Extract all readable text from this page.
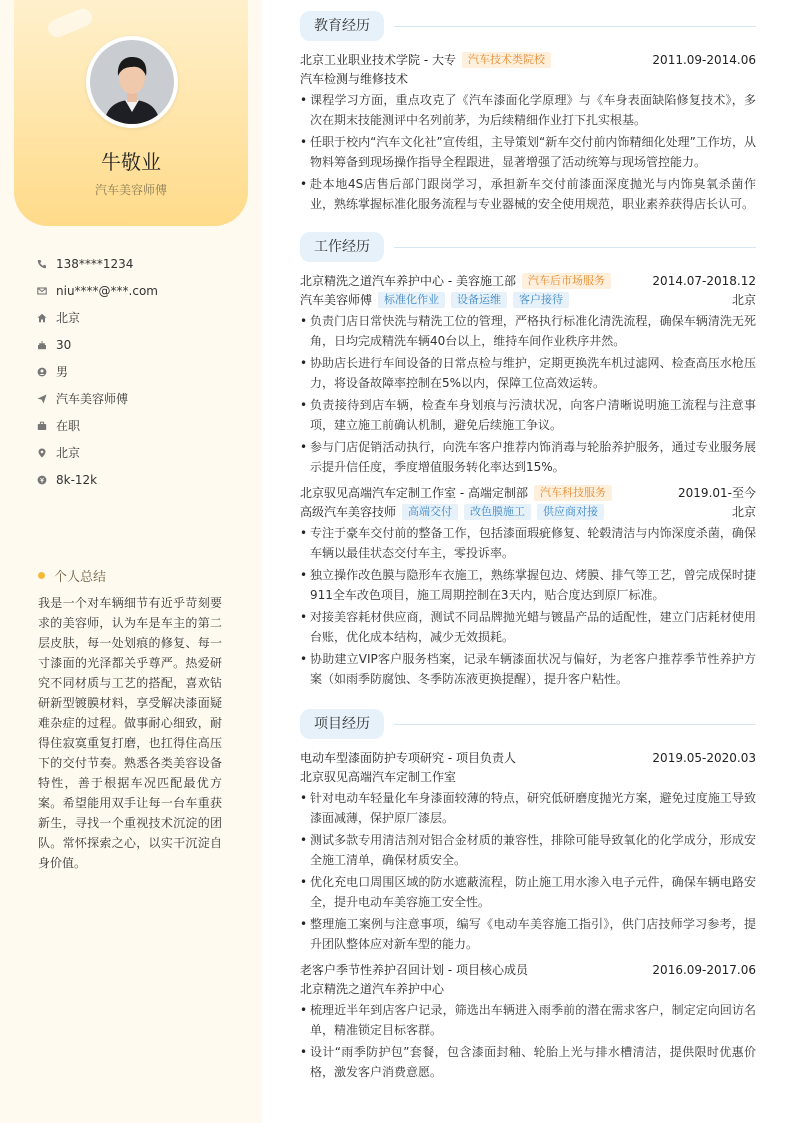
牛敬业
汽车美容师傅
138****1234
niu****@***.com
北京
30
男
汽车美容师傅
在职
北京
8k-12k
个人总结
我是一个对车辆细节有近乎苛刻要求的美容师，认为车是车主的第二层皮肤，每一处划痕的修复、每一寸漆面的光泽都关乎尊严。热爱研究不同材质与工艺的搭配，喜欢钻研新型镀膜材料，享受解决漆面疑难杂症的过程。做事耐心细致，耐得住寂寞重复打磨，也扛得住高压下的交付节奏。熟悉各类美容设备特性，善于根据车况匹配最优方案。希望能用双手让每一台车重获新生，寻找一个重视技术沉淀的团队。常怀探索之心，以实干沉淀自身价值。
教育经历
北京工业职业技术学院 - 大专	汽车技术类院校	2011.09-2014.06
汽车检测与维修技术
• 课程学习方面，重点攻克了《汽车漆面化学原理》与《车身表面缺陷修复技术》，多次在期末技能测评中名列前茅，为后续精细作业打下扎实根基。
• 任职于校内“汽车文化社”宣传组，主导策划“新车交付前内饰精细化处理”工作坊，从物料筹备到现场操作指导全程跟进，显著增强了活动统筹与现场管控能力。
• 赴本地4S店售后部门跟岗学习，承担新车交付前漆面深度抛光与内饰臭氧杀菌作业，熟练掌握标准化服务流程与专业器械的安全使用规范，职业素养获得店长认可。
工作经历
北京精洗之道汽车养护中心 - 美容施工部	汽车后市场服务	2014.07-2018.12
汽车美容师傅	标准化作业	设备运维	客户接待	北京
• 负责门店日常快洗与精洗工位的管理，严格执行标准化清洗流程，确保车辆清洗无死角，日均完成精洗车辆40台以上，维持车间作业秩序井然。
• 协助店长进行车间设备的日常点检与维护，定期更换洗车机过滤网、检查高压水枪压力，将设备故障率控制在5%以内，保障工位高效运转。
• 负责接待到店车辆，检查车身划痕与污渍状况，向客户清晰说明施工流程与注意事项，建立施工前确认机制，避免后续施工争议。
• 参与门店促销活动执行，向洗车客户推荐内饰消毒与轮胎养护服务，通过专业服务展示提升信任度，季度增值服务转化率达到15%。
北京驭见高端汽车定制工作室 - 高端定制部	汽车科技服务	2019.01-至今
高级汽车美容技师	高端交付	改色膜施工	供应商对接	北京
• 专注于豪车交付前的整备工作，包括漆面瑕疵修复、轮毂清洁与内饰深度杀菌，确保车辆以最佳状态交付车主，零投诉率。
• 独立操作改色膜与隐形车衣施工，熟练掌握包边、烤膜、排气等工艺，曾完成保时捷911全车改色项目，施工周期控制在3天内，贴合度达到原厂标准。
• 对接美容耗材供应商，测试不同品牌抛光蜡与镀晶产品的适配性，建立门店耗材使用台账，优化成本结构，减少无效损耗。
• 协助建立VIP客户服务档案，记录车辆漆面状况与偏好，为老客户推荐季节性养护方案（如雨季防腐蚀、冬季防冻液更换提醒），提升客户粘性。
项目经历
电动车型漆面防护专项研究 - 项目负责人	2019.05-2020.03
北京驭见高端汽车定制工作室
• 针对电动车轻量化车身漆面较薄的特点，研究低研磨度抛光方案，避免过度施工导致漆面减薄，保护原厂漆层。
• 测试多款专用清洁剂对铝合金材质的兼容性，排除可能导致氧化的化学成分，形成安全施工清单，确保材质安全。
• 优化充电口周围区域的防水遮蔽流程，防止施工用水渗入电子元件，确保车辆电路安全，提升电动车美容施工安全性。
• 整理施工案例与注意事项，编写《电动车美容施工指引》，供门店技师学习参考，提升团队整体应对新车型的能力。
老客户季节性养护召回计划 - 项目核心成员	2016.09-2017.06
北京精洗之道汽车养护中心
• 梳理近半年到店客户记录，筛选出车辆进入雨季前的潜在需求客户，制定定向回访名单，精准锁定目标客群。
• 设计“雨季防护包”套餐，包含漆面封釉、轮胎上光与排水槽清洁，提供限时优惠价格，激发客户消费意愿。
